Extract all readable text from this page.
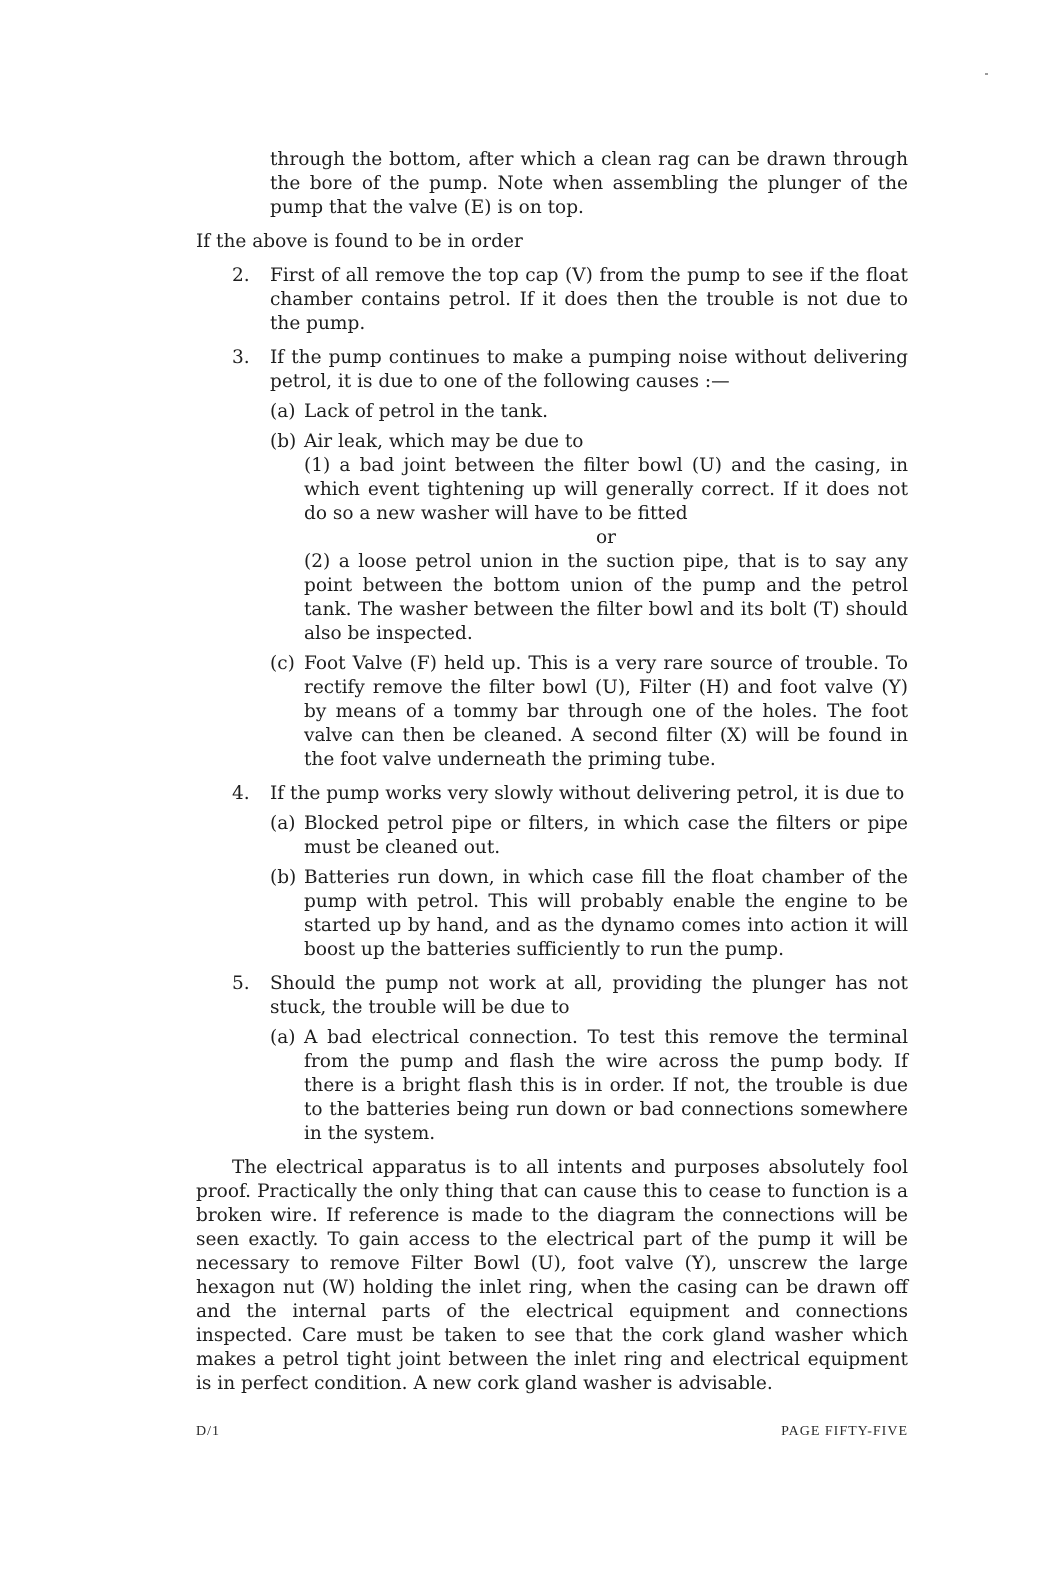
through the bottom, after which a clean rag can be drawn through the bore of the pump. Note when assembling the plunger of the pump that the valve (E) is on top.

If the above is found to be in order

2. First of all remove the top cap (V) from the pump to see if the float chamber contains petrol. If it does then the trouble is not due to the pump.

3. If the pump continues to make a pumping noise without delivering petrol, it is due to one of the following causes :—

(a) Lack of petrol in the tank.

(b) Air leak, which may be due to

(1) a bad joint between the filter bowl (U) and the casing, in which event tightening up will generally correct. If it does not do so a new washer will have to be fitted

or

(2) a loose petrol union in the suction pipe, that is to say any point between the bottom union of the pump and the petrol tank. The washer between the filter bowl and its bolt (T) should also be inspected.

(c) Foot Valve (F) held up. This is a very rare source of trouble. To rectify remove the filter bowl (U), Filter (H) and foot valve (Y) by means of a tommy bar through one of the holes. The foot valve can then be cleaned. A second filter (X) will be found in the foot valve underneath the priming tube.

4. If the pump works very slowly without delivering petrol, it is due to

(a) Blocked petrol pipe or filters, in which case the filters or pipe must be cleaned out.

(b) Batteries run down, in which case fill the float chamber of the pump with petrol. This will probably enable the engine to be started up by hand, and as the dynamo comes into action it will boost up the batteries sufficiently to run the pump.

5. Should the pump not work at all, providing the plunger has not stuck, the trouble will be due to

(a) A bad electrical connection. To test this remove the terminal from the pump and flash the wire across the pump body. If there is a bright flash this is in order. If not, the trouble is due to the batteries being run down or bad connections somewhere in the system.

The electrical apparatus is to all intents and purposes absolutely fool proof. Practically the only thing that can cause this to cease to function is a broken wire. If reference is made to the diagram the connections will be seen exactly. To gain access to the electrical part of the pump it will be necessary to remove Filter Bowl (U), foot valve (Y), unscrew the large hexagon nut (W) holding the inlet ring, when the casing can be drawn off and the internal parts of the electrical equipment and connections inspected. Care must be taken to see that the cork gland washer which makes a petrol tight joint between the inlet ring and electrical equipment is in perfect condition. A new cork gland washer is advisable.

D/1	PAGE FIFTY-FIVE
